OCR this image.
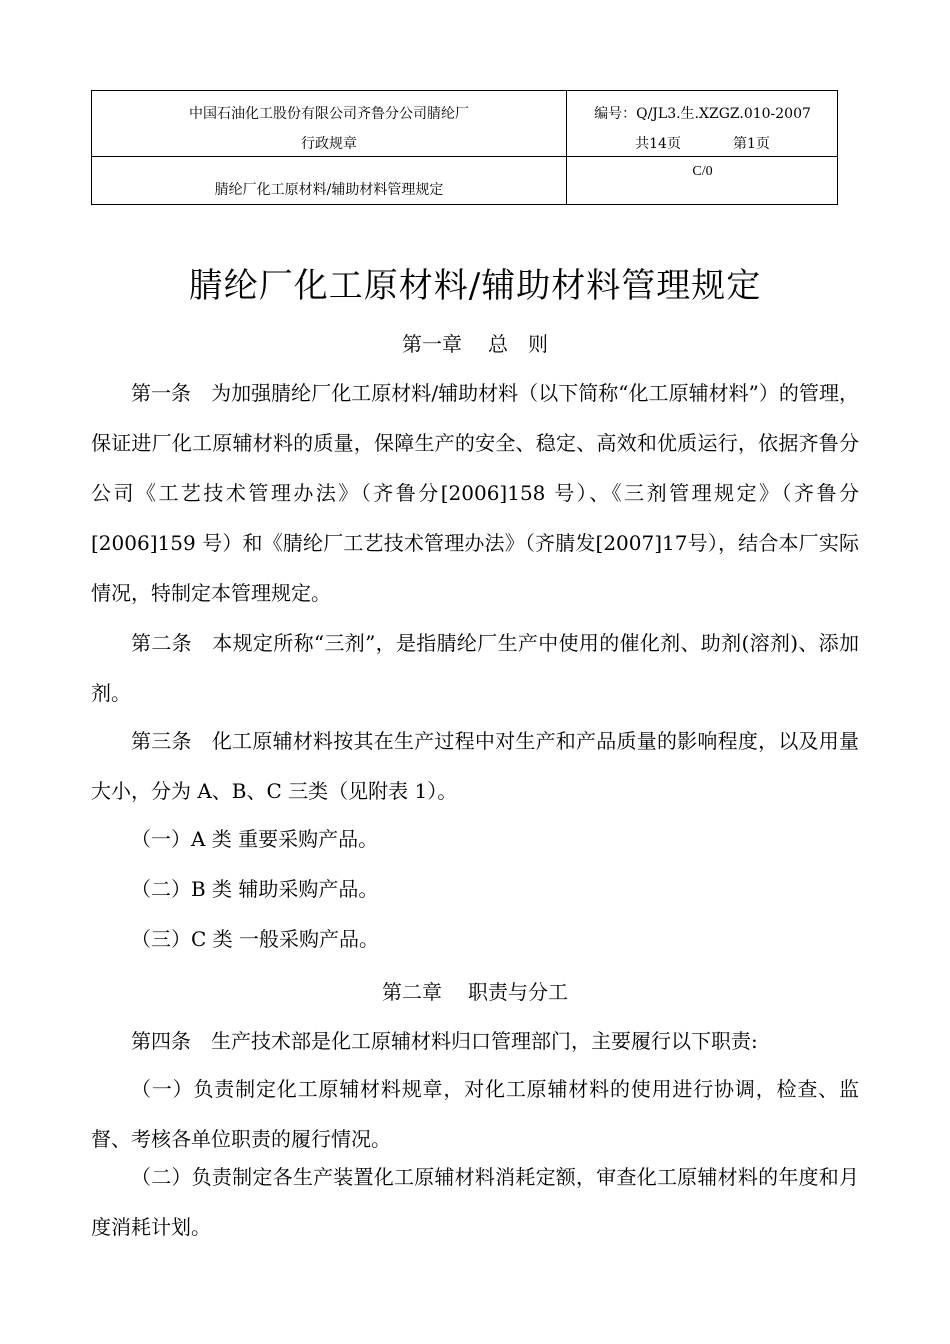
中国石油化工股份有限公司齐鲁分公司腈纶厂
行政规章
编号：Q/JL3.生.XZGZ.010-2007
共14页	第1页
腈纶厂化工原材料/辅助材料管理规定
C/0
腈纶厂化工原材料/辅助材料管理规定
第一章 总　则

第一条　为加强腈纶厂化工原材料/辅助材料（以下简称“化工原辅材料”）的管理，保证进厂化工原辅材料的质量，保障生产的安全、稳定、高效和优质运行，依据齐鲁分公司《工艺技术管理办法》（齐鲁分[2006]158 号）、《三剂管理规定》（齐鲁分[2006]159 号）和《腈纶厂工艺技术管理办法》（齐腈发[2007]17号），结合本厂实际情况，特制定本管理规定。

第二条　本规定所称“三剂”，是指腈纶厂生产中使用的催化剂、助剂(溶剂)、添加剂。

第三条　化工原辅材料按其在生产过程中对生产和产品质量的影响程度，以及用量大小，分为 A、B、C 三类（见附表 1）。

（一）A 类 重要采购产品。

（二）B 类 辅助采购产品。

（三）C 类 一般采购产品。

第二章 职责与分工

第四条　生产技术部是化工原辅材料归口管理部门，主要履行以下职责:

（一）负责制定化工原辅材料规章，对化工原辅材料的使用进行协调，检查、监督、考核各单位职责的履行情况。

（二）负责制定各生产装置化工原辅材料消耗定额，审查化工原辅材料的年度和月度消耗计划。
